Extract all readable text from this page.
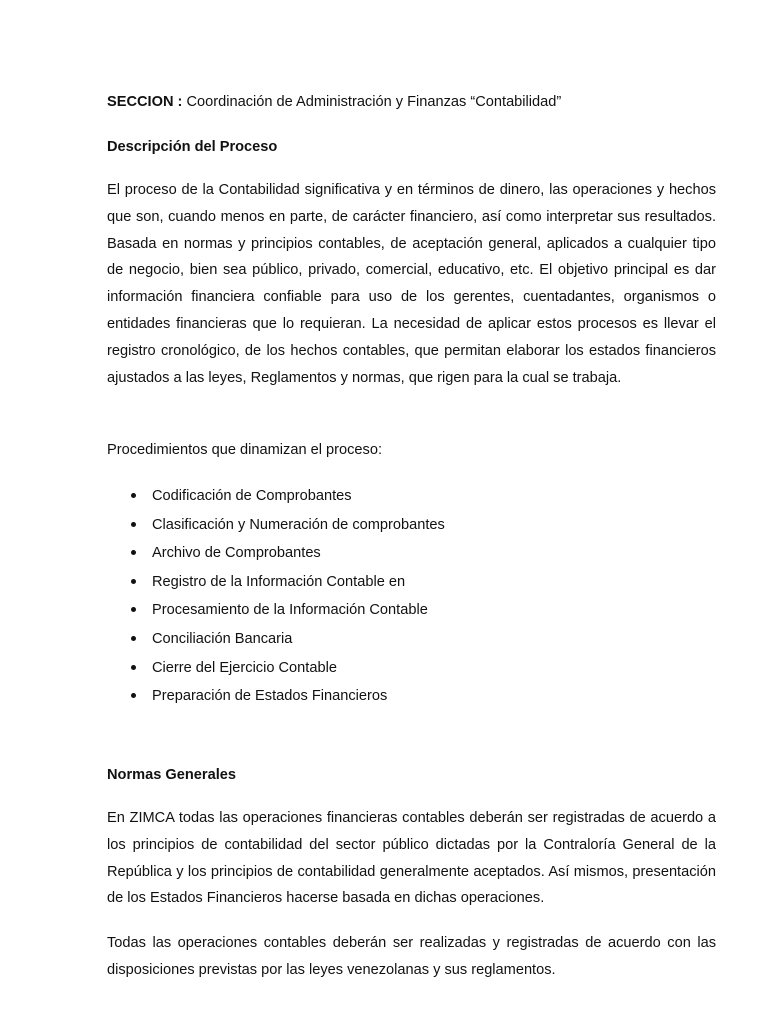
SECCION : Coordinación de Administración y Finanzas “Contabilidad”
Descripción del Proceso

El proceso de la Contabilidad significativa y en términos de dinero, las operaciones y hechos que son, cuando menos en parte, de carácter financiero, así como interpretar sus resultados. Basada en normas y principios contables, de aceptación general, aplicados a cualquier tipo de negocio, bien sea público, privado, comercial, educativo, etc. El objetivo principal es dar información financiera confiable para uso de los gerentes, cuentadantes, organismos o entidades financieras que lo requieran. La necesidad de aplicar estos procesos es llevar el registro cronológico, de los hechos contables, que permitan elaborar los estados financieros ajustados a las leyes, Reglamentos y normas, que rigen para la cual se trabaja.

Procedimientos que dinamizan el proceso:
Codificación de Comprobantes
Clasificación y Numeración de comprobantes
Archivo de Comprobantes
Registro de la Información Contable en
Procesamiento de la Información Contable
Conciliación Bancaria
Cierre del Ejercicio Contable
Preparación de Estados Financieros
Normas Generales

En ZIMCA todas las operaciones financieras contables deberán ser registradas de acuerdo a los principios de contabilidad del sector público dictadas por la Contraloría General de la República y los principios de contabilidad generalmente aceptados. Así mismos, presentación de los Estados Financieros hacerse basada en dichas operaciones.

Todas las operaciones contables deberán ser realizadas y registradas de acuerdo con las disposiciones previstas por las leyes venezolanas y sus reglamentos.
